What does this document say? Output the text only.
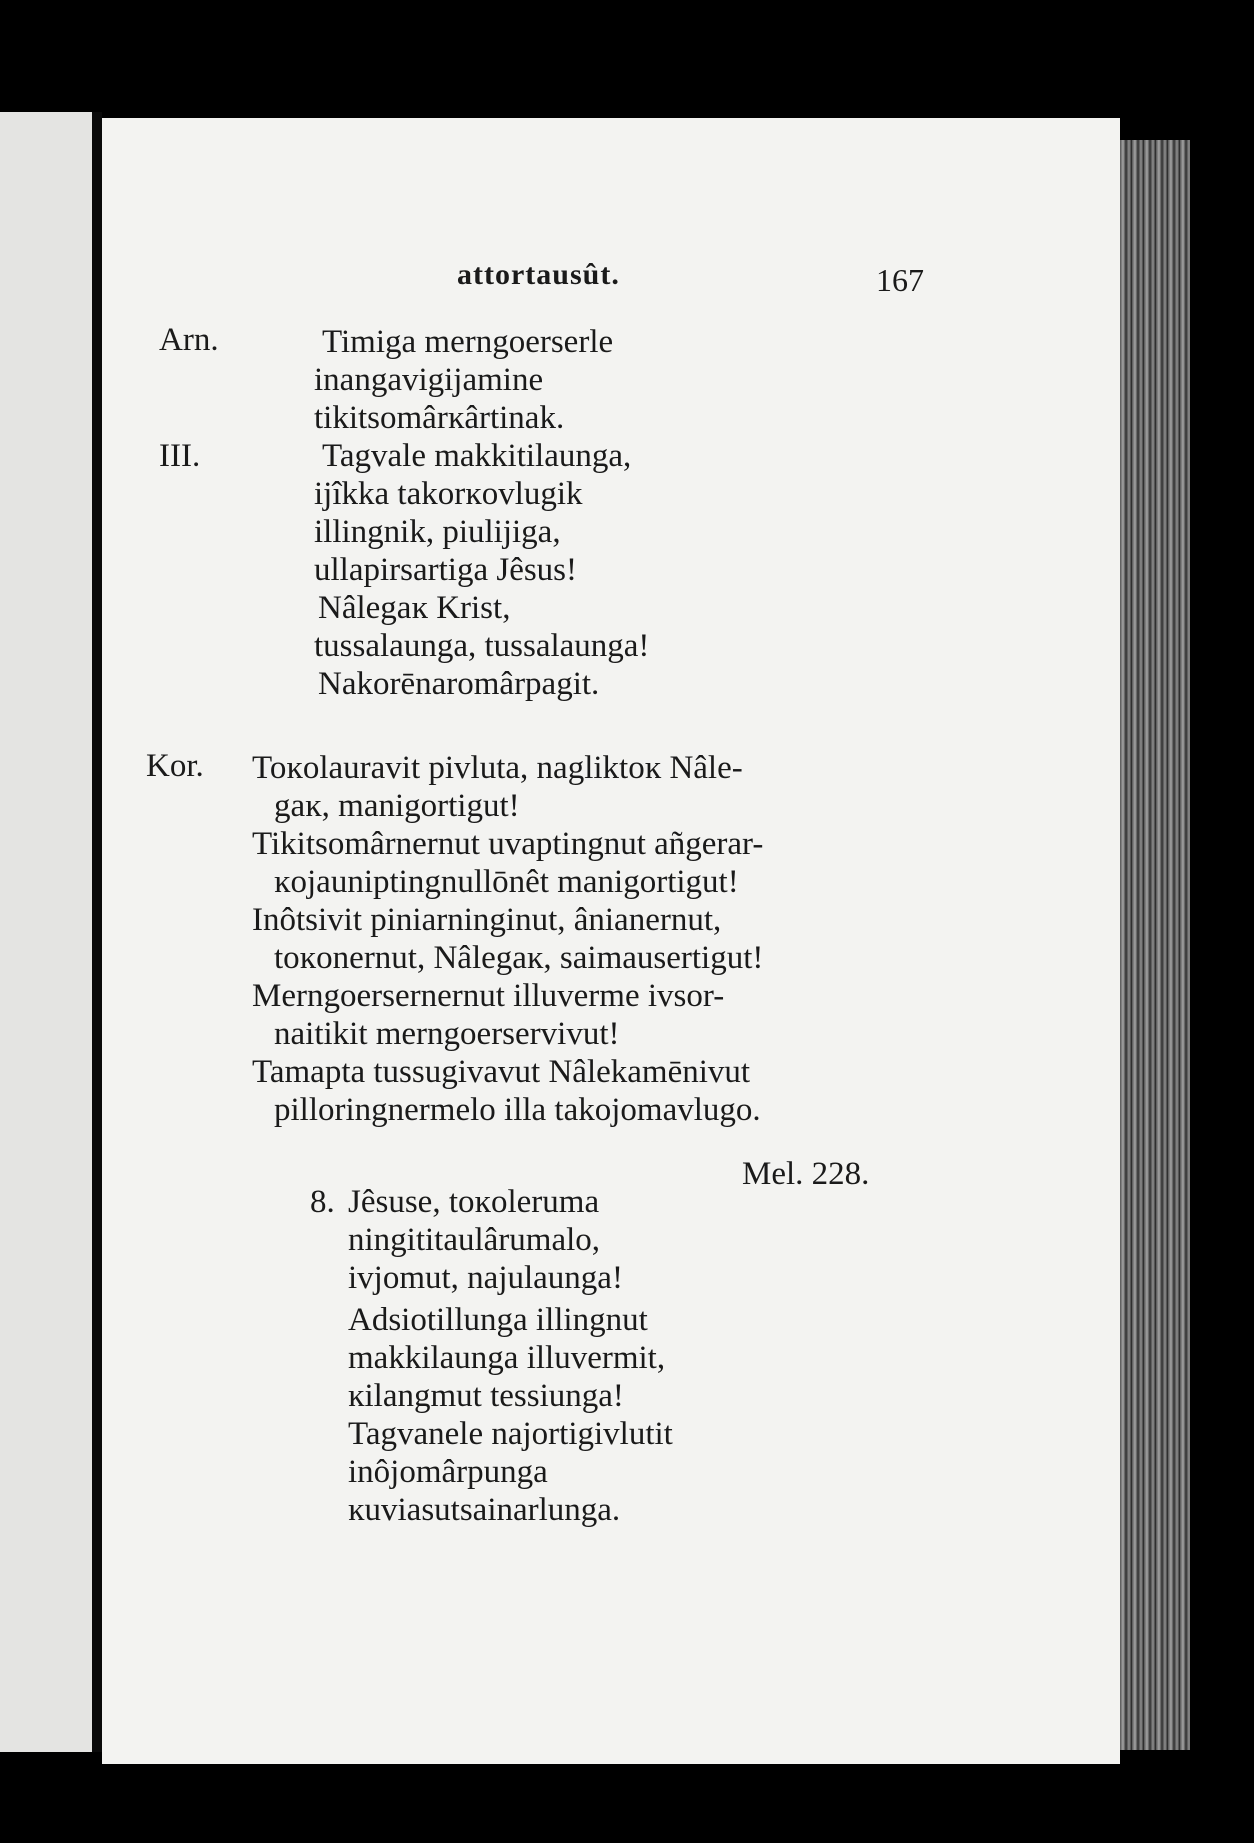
attortausût.	167

Arn.

III.

Kor.

Timiga merngoerserle

inangavigijamine

tikitsomârĸârtinak.

Tagvale makkitilaunga,

ijîkka takorĸovlugik

illingnik, piulijiga,

ullapirsartiga Jêsus!

Nâlegaĸ Krist,

tussalaunga, tussalaunga!

Nakorēnaromârpagit.

Toĸolauravit pivluta, nagliktoĸ Nâle-

gaĸ, manigortigut!

Tikitsomârnernut uvaptingnut añgerar-

ĸojauniptingnullōnêt manigortigut!

Inôtsivit piniarninginut, ânianernut,

toĸonernut, Nâlegaĸ, saimausertigut!

Merngoersernernut illuverme ivsor-

naitikit merngoerservivut!

Tamapta tussugivavut Nâlekamēnivut

pilloringnermelo illa takojomavlugo.

Mel. 228.

8. Jêsuse, toĸoleruma

ningititaulârumalo,

ivjomut, najulaunga!

Adsiotillunga illingnut

makkilaunga illuvermit,

ĸilangmut tessiunga!

Tagvanele najortigivlutit

inôjomârpunga

ĸuviasutsainarlunga.
